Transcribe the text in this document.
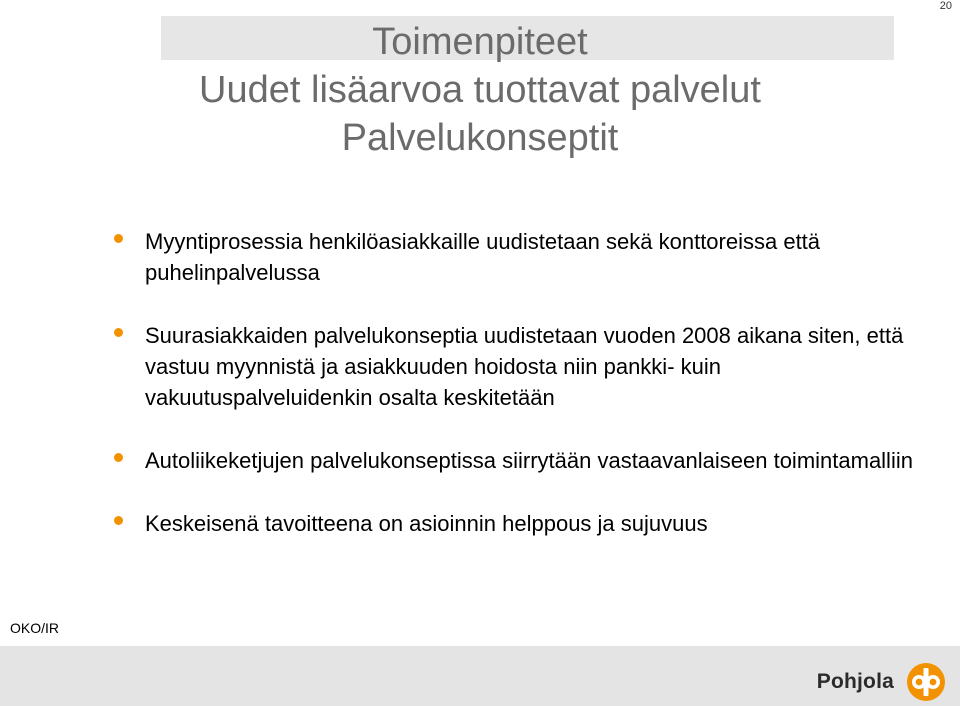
20
Toimenpiteet
Uudet lisäarvoa tuottavat palvelut
Palvelukonseptit
Myyntiprosessia henkilöasiakkaille uudistetaan sekä konttoreissa että puhelinpalvelussa
Suurasiakkaiden palvelukonseptia uudistetaan vuoden 2008 aikana siten, että vastuu myynnistä ja asiakkuuden hoidosta niin pankki- kuin vakuutuspalveluidenkin osalta keskitetään
Autoliikeketjujen palvelukonseptissa siirrytään vastaavanlaiseen toimintamalliin
Keskeisenä tavoitteena on asioinnin helppous ja sujuvuus
OKO/IR
Pohjola
